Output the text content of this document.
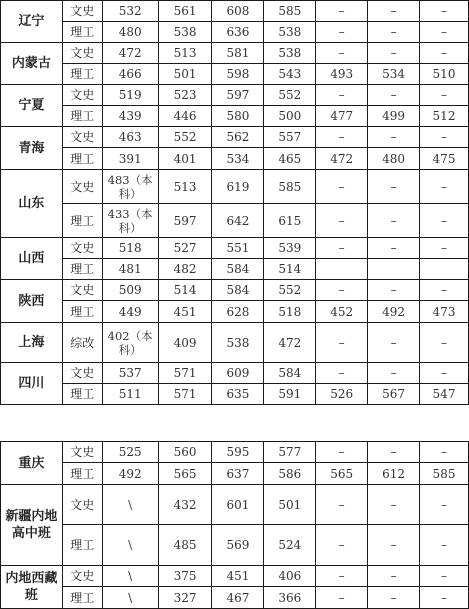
辽宁	文史	532	561	608	585	–	–	–
	理工	480	538	636	538	–	–	–
内蒙古	文史	472	513	581	538	–	–	–
	理工	466	501	598	543	493	534	510
宁夏	文史	519	523	597	552	–	–	–
	理工	439	446	580	500	477	499	512
青海	文史	463	552	562	557	–	–	–
	理工	391	401	534	465	472	480	475
山东	文史	483（本科）	513	619	585	–	–	–
	理工	433（本科）	597	642	615	–	–	–
山西	文史	518	527	551	539	–	–	–
	理工	481	482	584	514			
陕西	文史	509	514	584	552	–	–	–
	理工	449	451	628	518	452	492	473
上海	综改	402（本科）	409	538	472	–	–	–
四川	文史	537	571	609	584	–	–	–
	理工	511	571	635	591	526	567	547
重庆	文史	525	560	595	577	–	–	–
	理工	492	565	637	586	565	612	585
新疆内地高中班	文史	\	432	601	501	–	–	–
	理工	\	485	569	524	–	–	–
内地西藏班	文史	\	375	451	406	–	–	–
	理工	\	327	467	366	–	–	–
